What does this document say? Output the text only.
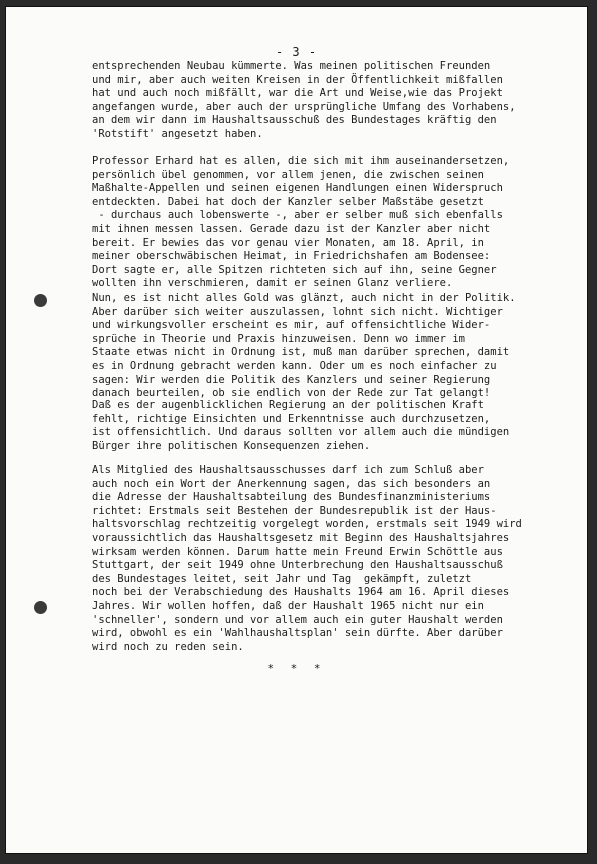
- 3 -

entsprechenden Neubau kümmerte. Was meinen politischen Freunden
und mir, aber auch weiten Kreisen in der Öffentlichkeit mißfallen
hat und auch noch mißfällt, war die Art und Weise,wie das Projekt
angefangen wurde, aber auch der ursprüngliche Umfang des Vorhabens,
an dem wir dann im Haushaltsausschuß des Bundestages kräftig den
'Rotstift' angesetzt haben.

Professor Erhard hat es allen, die sich mit ihm auseinandersetzen,
persönlich übel genommen, vor allem jenen, die zwischen seinen
Maßhalte-Appellen und seinen eigenen Handlungen einen Widerspruch
entdeckten. Dabei hat doch der Kanzler selber Maßstäbe gesetzt
- durchaus auch lobenswerte -, aber er selber muß sich ebenfalls
mit ihnen messen lassen. Gerade dazu ist der Kanzler aber nicht
bereit. Er bewies das vor genau vier Monaten, am 18. April, in
meiner oberschwäbischen Heimat, in Friedrichshafen am Bodensee:
Dort sagte er, alle Spitzen richteten sich auf ihn, seine Gegner
wollten ihn verschmieren, damit er seinen Glanz verliere.

Nun, es ist nicht alles Gold was glänzt, auch nicht in der Politik.
Aber darüber sich weiter auszulassen, lohnt sich nicht. Wichtiger
und wirkungsvoller erscheint es mir, auf offensichtliche Wider-
sprüche in Theorie und Praxis hinzuweisen. Denn wo immer im
Staate etwas nicht in Ordnung ist, muß man darüber sprechen, damit
es in Ordnung gebracht werden kann. Oder um es noch einfacher zu
sagen: Wir werden die Politik des Kanzlers und seiner Regierung
danach beurteilen, ob sie endlich von der Rede zur Tat gelangt!

Daß es der augenblicklichen Regierung an der politischen Kraft
fehlt, richtige Einsichten und Erkenntnisse auch durchzusetzen,
ist offensichtlich. Und daraus sollten vor allem auch die mündigen
Bürger ihre politischen Konsequenzen ziehen.

Als Mitglied des Haushaltsausschusses darf ich zum Schluß aber
auch noch ein Wort der Anerkennung sagen, das sich besonders an
die Adresse der Haushaltsabteilung des Bundesfinanzministeriums
richtet: Erstmals seit Bestehen der Bundesrepublik ist der Haus-
haltsvorschlag rechtzeitig vorgelegt worden, erstmals seit 1949 wird
voraussichtlich das Haushaltsgesetz mit Beginn des Haushaltsjahres
wirksam werden können. Darum hatte mein Freund Erwin Schöttle aus
Stuttgart, der seit 1949 ohne Unterbrechung den Haushaltsausschuß
des Bundestages leitet, seit Jahr und Tag  gekämpft, zuletzt
noch bei der Verabschiedung des Haushalts 1964 am 16. April dieses
Jahres. Wir wollen hoffen, daß der Haushalt 1965 nicht nur ein
'schneller', sondern und vor allem auch ein guter Haushalt werden
wird, obwohl es ein 'Wahlhaushaltsplan' sein dürfte. Aber darüber
wird noch zu reden sein.

* * *
